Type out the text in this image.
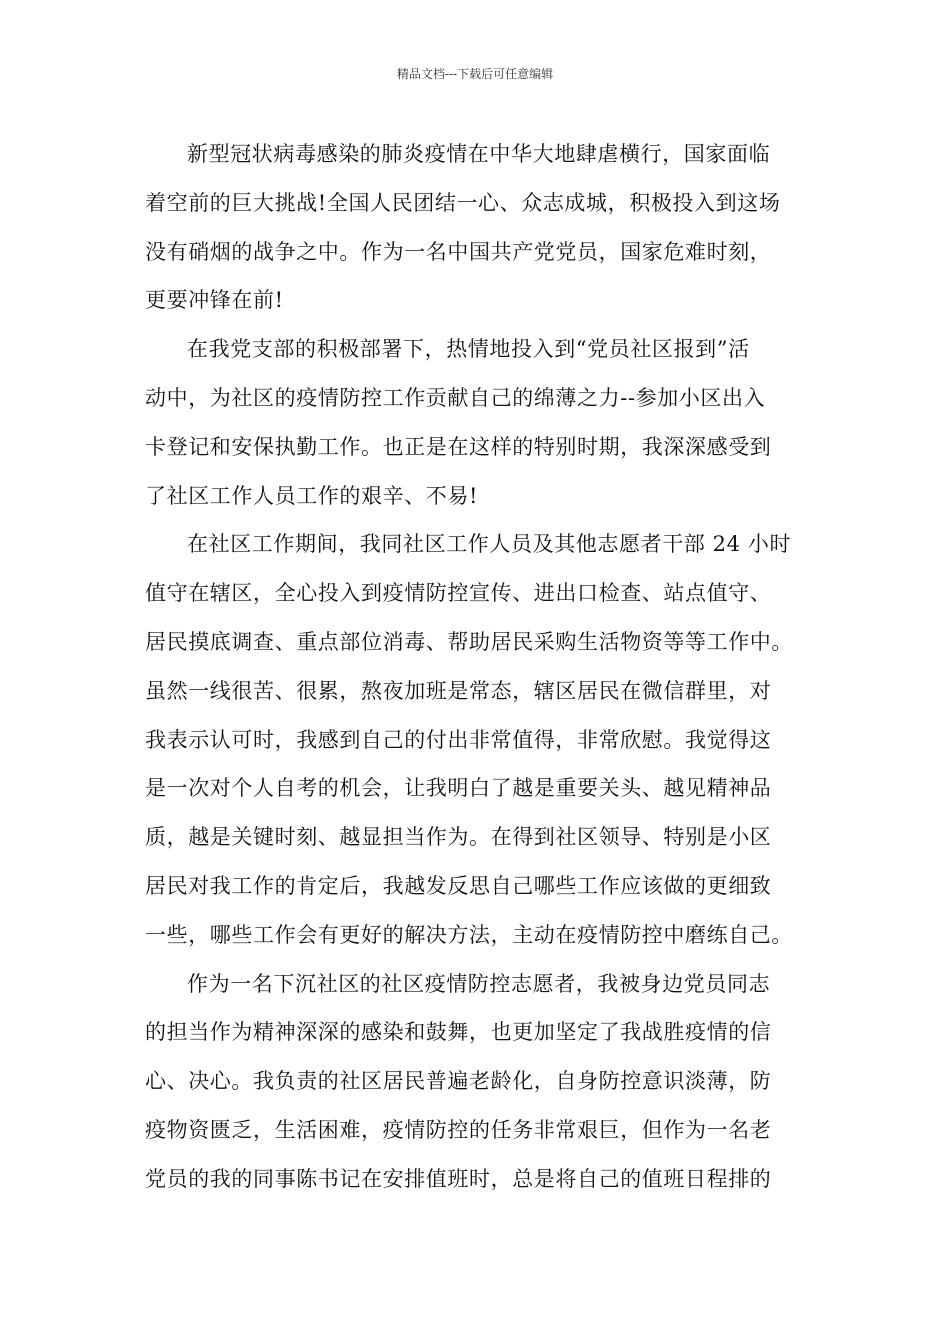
精品文档---下载后可任意编辑
新型冠状病毒感染的肺炎疫情在中华大地肆虐横行，国家面临
着空前的巨大挑战!全国人民团结一心、众志成城，积极投入到这场
没有硝烟的战争之中。作为一名中国共产党党员，国家危难时刻，
更要冲锋在前!
在我党支部的积极部署下，热情地投入到“党员社区报到”活
动中，为社区的疫情防控工作贡献自己的绵薄之力--参加小区出入
卡登记和安保执勤工作。也正是在这样的特别时期，我深深感受到
了社区工作人员工作的艰辛、不易!
在社区工作期间，我同社区工作人员及其他志愿者干部 24 小时
值守在辖区，全心投入到疫情防控宣传、进出口检查、站点值守、
居民摸底调查、重点部位消毒、帮助居民采购生活物资等等工作中。
虽然一线很苦、很累，熬夜加班是常态，辖区居民在微信群里，对
我表示认可时，我感到自己的付出非常值得，非常欣慰。我觉得这
是一次对个人自考的机会，让我明白了越是重要关头、越见精神品
质，越是关键时刻、越显担当作为。在得到社区领导、特别是小区
居民对我工作的肯定后，我越发反思自己哪些工作应该做的更细致
一些，哪些工作会有更好的解决方法，主动在疫情防控中磨练自己。
作为一名下沉社区的社区疫情防控志愿者，我被身边党员同志
的担当作为精神深深的感染和鼓舞，也更加坚定了我战胜疫情的信
心、决心。我负责的社区居民普遍老龄化，自身防控意识淡薄，防
疫物资匮乏，生活困难，疫情防控的任务非常艰巨，但作为一名老
党员的我的同事陈书记在安排值班时，总是将自己的值班日程排的
